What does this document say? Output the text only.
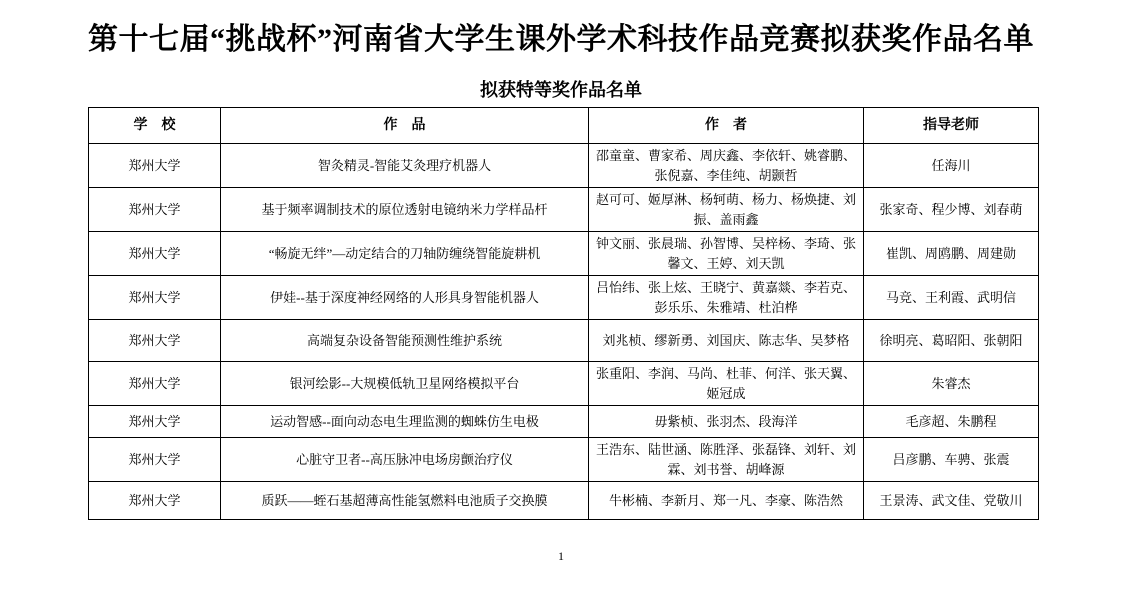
第十七届“挑战杯”河南省大学生课外学术科技作品竞赛拟获奖作品名单
拟获特等奖作品名单
学　校	作　品	作　者	指导老师
郑州大学	智灸精灵-智能艾灸理疗机器人	邵童童、曹家希、周庆鑫、李依轩、姚睿鹏、张倪嘉、李佳纯、胡颢哲	任海川
郑州大学	基于频率调制技术的原位透射电镜纳米力学样品杆	赵可可、姬厚淋、杨轲萌、杨力、杨焕捷、刘振、盖雨鑫	张家奇、程少博、刘春萌
郑州大学	“畅旋无绊”—动定结合的刀轴防缠绕智能旋耕机	钟文丽、张晨瑞、孙智博、吴梓杨、李琦、张馨文、王婷、刘天凯	崔凯、周鸥鹏、周建勋
郑州大学	伊娃--基于深度神经网络的人形具身智能机器人	吕怡纬、张上炫、王晓宁、黄嘉燚、李若克、彭乐乐、朱雅靖、杜泊桦	马竞、王利霞、武明信
郑州大学	高端复杂设备智能预测性维护系统	刘兆桢、缪新勇、刘国庆、陈志华、吴梦格	徐明亮、葛昭阳、张朝阳
郑州大学	银河绘影--大规模低轨卫星网络模拟平台	张重阳、李润、马尚、杜菲、何洋、张天翼、姬冠成	朱睿杰
郑州大学	运动智感--面向动态电生理监测的蜘蛛仿生电极	毋紫桢、张羽杰、段海洋	毛彦超、朱鹏程
郑州大学	心脏守卫者--高压脉冲电场房颤治疗仪	王浩东、陆世涵、陈胜泽、张磊锋、刘轩、刘霖、刘书誉、胡峰源	吕彦鹏、车骋、张震
郑州大学	质跃——蛭石基超薄高性能氢燃料电池质子交换膜	牛彬楠、李新月、郑一凡、李豪、陈浩然	王景涛、武文佳、党敬川
1
